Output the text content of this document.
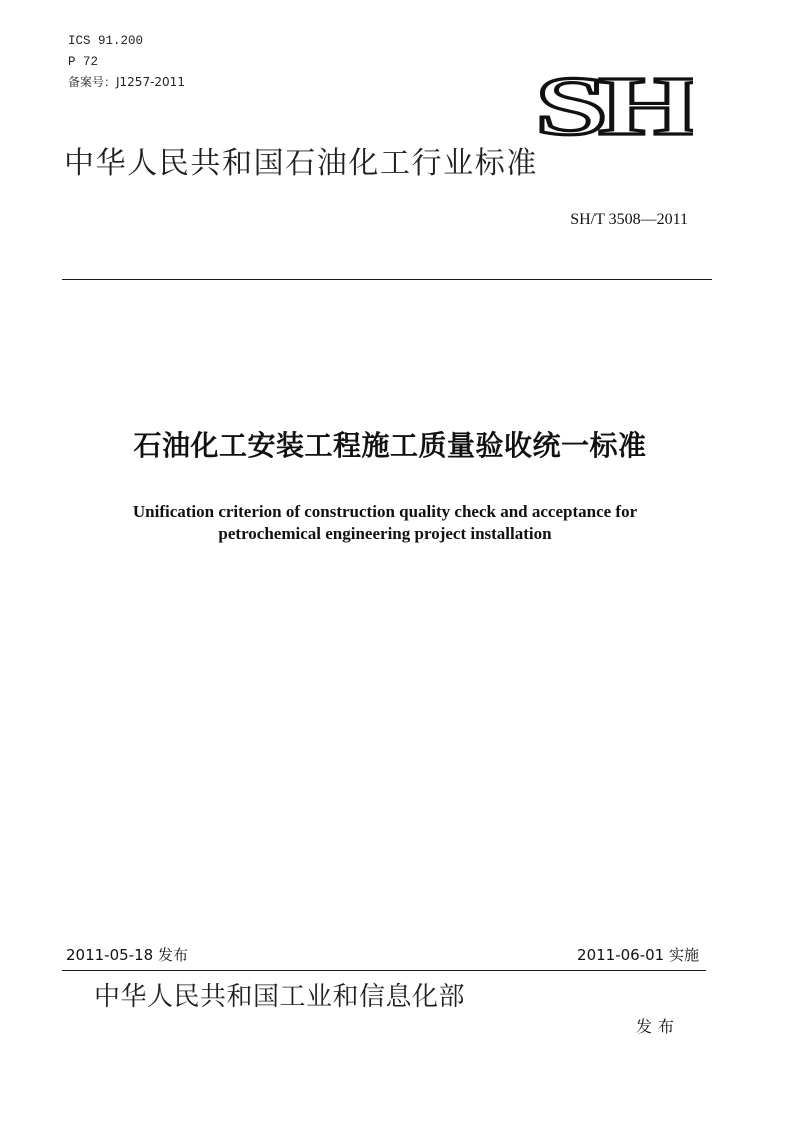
ICS 91.200
P 72
备案号：J1257-2011	SH
中华人民共和国石油化工行业标准
SH/T 3508—2011
石油化工安装工程施工质量验收统一标准
Unification criterion of construction quality check and acceptance for
petrochemical engineering project installation
2011-05-18 发布	2011-06-01 实施
中华人民共和国工业和信息化部
发布
